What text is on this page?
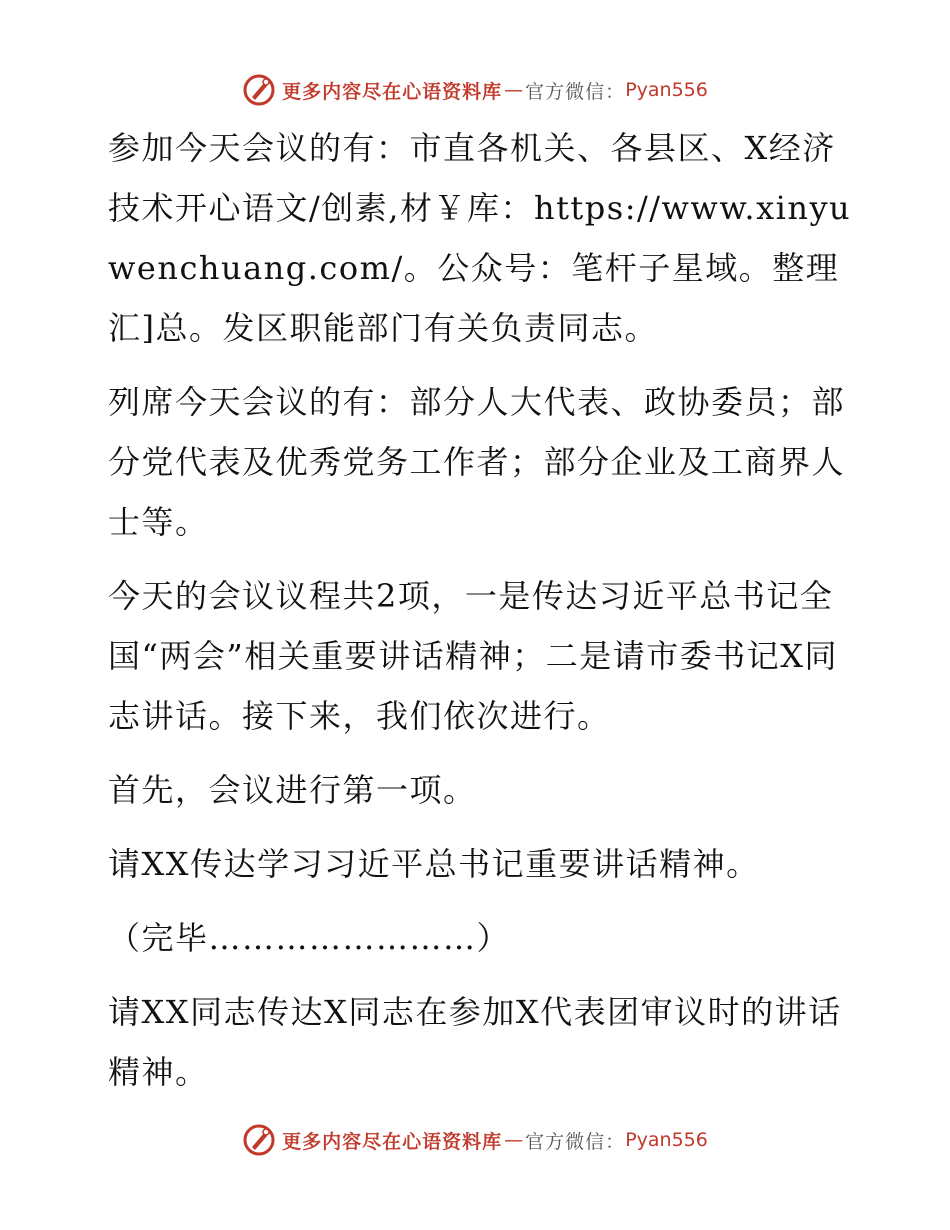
更多内容尽在心语资料库 — 官方微信： Pyan556

参加今天会议的有：市直各机关、各县区、X经济技术开心语文/创素,材￥库：https://www.xinyuwenchuang.com/。公众号：笔杆子星域。整理汇]总。发区职能部门有关负责同志。

列席今天会议的有：部分人大代表、政协委员；部分党代表及优秀党务工作者；部分企业及工商界人士等。

今天的会议议程共2项，一是传达习近平总书记全国“两会”相关重要讲话精神；二是请市委书记X同志讲话。接下来，我们依次进行。

首先，会议进行第一项。

请XX传达学习习近平总书记重要讲话精神。

（完毕……………………）

请XX同志传达X同志在参加X代表团审议时的讲话精神。

更多内容尽在心语资料库 — 官方微信： Pyan556
